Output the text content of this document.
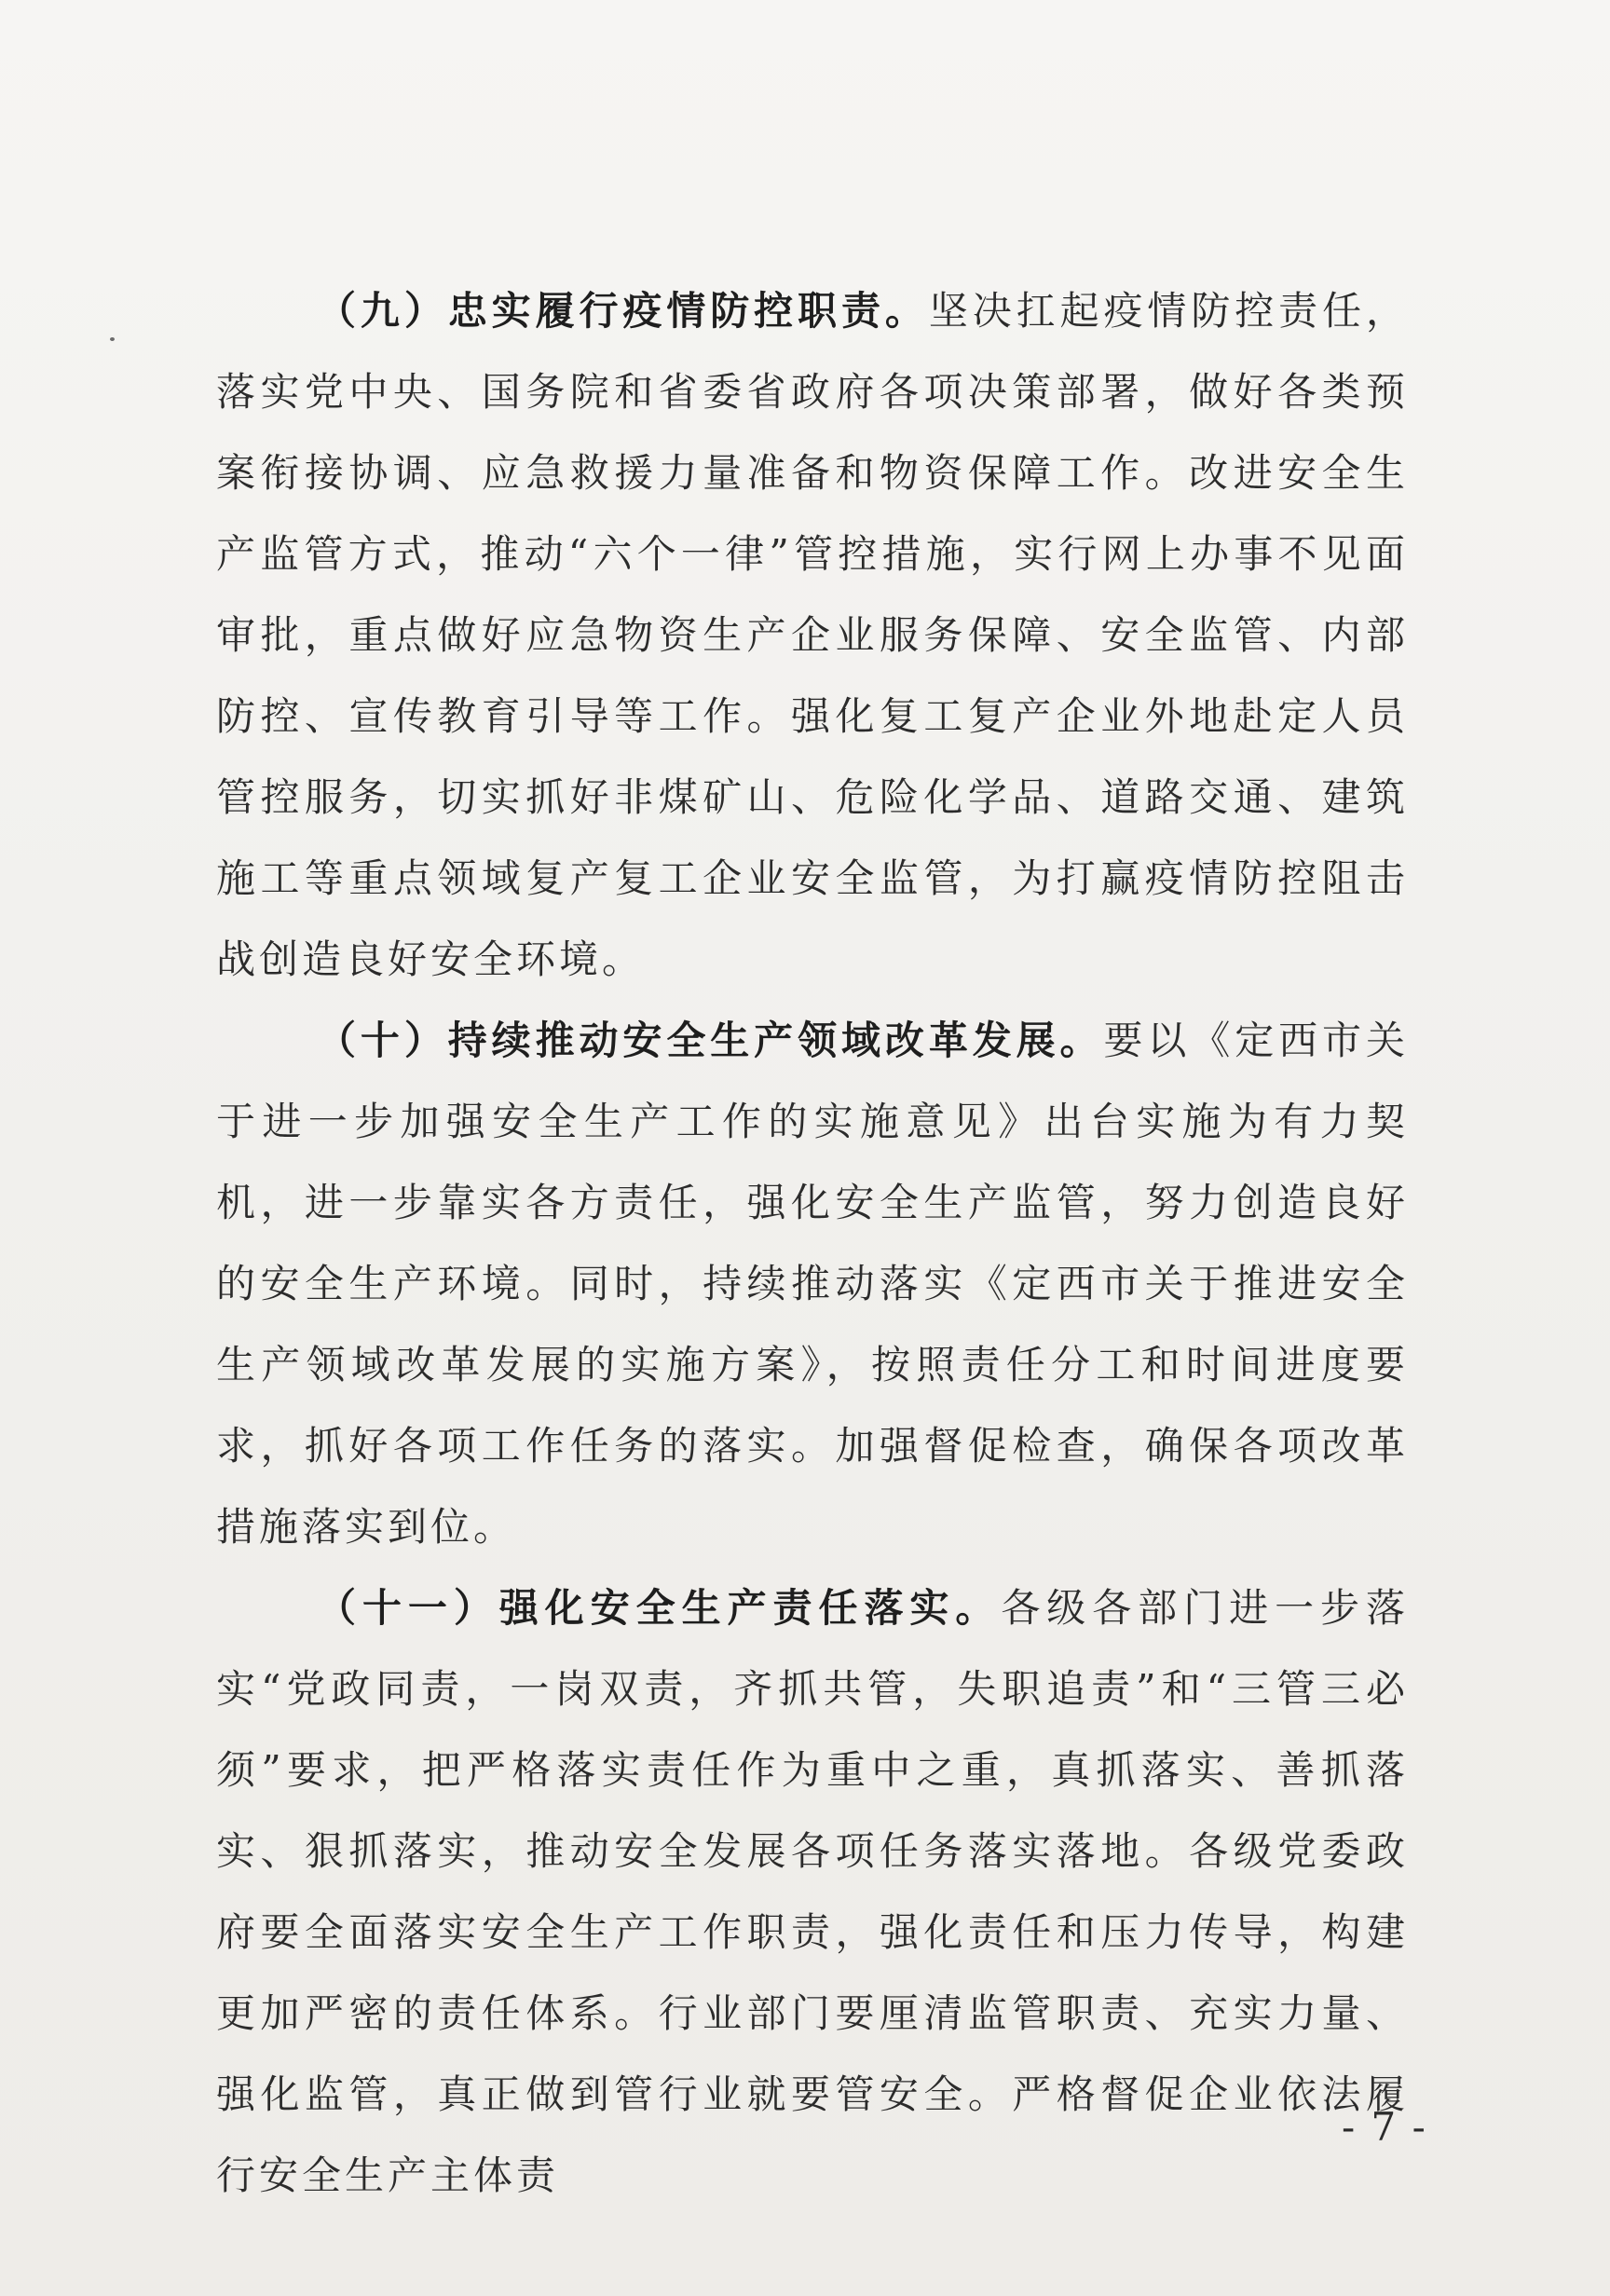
（九）忠实履行疫情防控职责。坚决扛起疫情防控责任，落实党中央、国务院和省委省政府各项决策部署，做好各类预案衔接协调、应急救援力量准备和物资保障工作。改进安全生产监管方式，推动“六个一律”管控措施，实行网上办事不见面审批，重点做好应急物资生产企业服务保障、安全监管、内部防控、宣传教育引导等工作。强化复工复产企业外地赴定人员管控服务，切实抓好非煤矿山、危险化学品、道路交通、建筑施工等重点领域复产复工企业安全监管，为打赢疫情防控阻击战创造良好安全环境。

（十）持续推动安全生产领域改革发展。要以《定西市关于进一步加强安全生产工作的实施意见》出台实施为有力契机，进一步靠实各方责任，强化安全生产监管，努力创造良好的安全生产环境。同时，持续推动落实《定西市关于推进安全生产领域改革发展的实施方案》，按照责任分工和时间进度要求，抓好各项工作任务的落实。加强督促检查，确保各项改革措施落实到位。

（十一）强化安全生产责任落实。各级各部门进一步落实“党政同责，一岗双责，齐抓共管，失职追责”和“三管三必须”要求，把严格落实责任作为重中之重，真抓落实、善抓落实、狠抓落实，推动安全发展各项任务落实落地。各级党委政府要全面落实安全生产工作职责，强化责任和压力传导，构建更加严密的责任体系。行业部门要厘清监管职责、充实力量、强化监管，真正做到管行业就要管安全。严格督促企业依法履行安全生产主体责

- 7 -
